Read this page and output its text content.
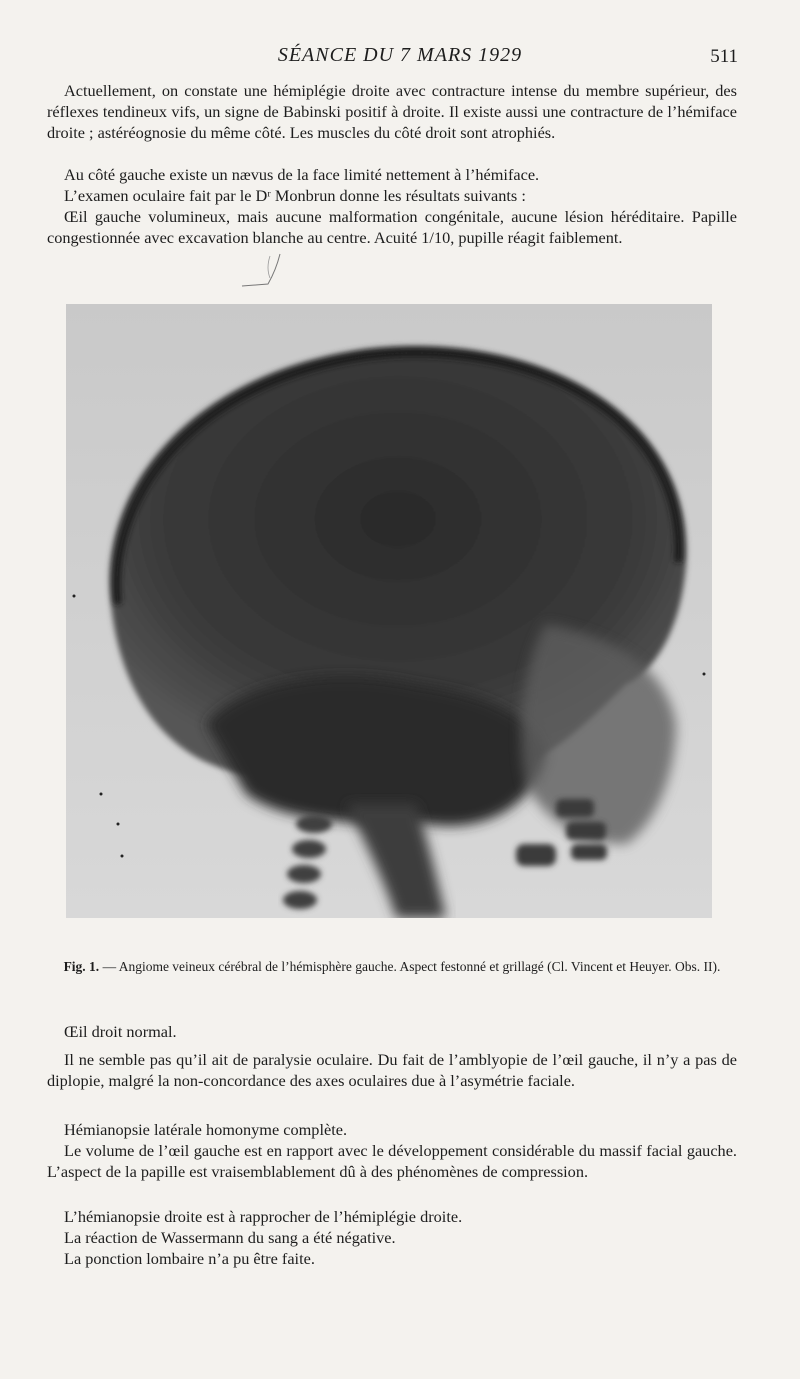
SÉANCE DU 7 MARS 1929	511

Actuellement, on constate une hémiplégie droite avec contracture intense du membre supérieur, des réflexes tendineux vifs, un signe de Babinski positif à droite. Il existe aussi une contracture de l’hémiface droite ; astéréognosie du même côté. Les muscles du côté droit sont atrophiés.

Au côté gauche existe un nævus de la face limité nettement à l’hémiface.

L’examen oculaire fait par le Dʳ Monbrun donne les résultats suivants :

Œil gauche volumineux, mais aucune malformation congénitale, aucune lésion héréditaire. Papille congestionnée avec excavation blanche au centre. Acuité 1/10, pupille réagit faiblement.

Fig. 1. — Angiome veineux cérébral de l’hémisphère gauche. Aspect festonné et grillagé (Cl. Vincent et Heuyer. Obs. II).

Œil droit normal.

Il ne semble pas qu’il ait de paralysie oculaire. Du fait de l’amblyopie de l’œil gauche, il n’y a pas de diplopie, malgré la non-concordance des axes oculaires due à l’asymétrie faciale.

Hémianopsie latérale homonyme complète.

Le volume de l’œil gauche est en rapport avec le développement considérable du massif facial gauche. L’aspect de la papille est vraisemblablement dû à des phénomènes de compression.

L’hémianopsie droite est à rapprocher de l’hémiplégie droite.

La réaction de Wassermann du sang a été négative.

La ponction lombaire n’a pu être faite.
